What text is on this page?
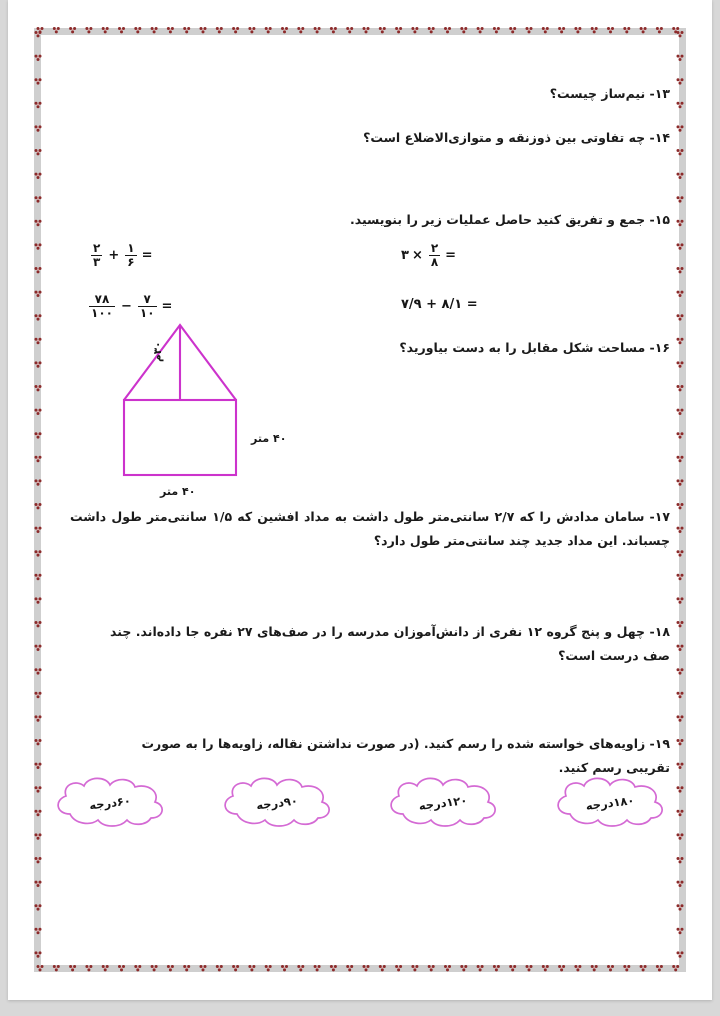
۱۳- نیم‌ساز چیست؟
۱۴- چه تفاوتی بین ذوزنقه و متوازی‌الاضلاع است؟
۱۵- جمع و تفریق کنید حاصل عملیات زیر را بنویسید.
۱۶- مساحت شکل مقابل را به دست بیاورید؟
۱۷- سامان مدادش را که ۲/۷ سانتی‌متر طول داشت به مداد افشین که ۱/۵ سانتی‌متر طول داشت چسباند. این مداد جدید چند سانتی‌متر طول دارد؟
۱۸- چهل و پنج گروه ۱۲ نفری از دانش‌آموزان مدرسه را در صف‌های ۲۷ نفره جا داده‌اند. چند صف درست است؟
۱۹- زاویه‌های خواسته شده را رسم کنید. (در صورت نداشتن نقاله، زاویه‌ها را به صورت تقریبی رسم کنید.
۳ × $\frac{۲}{۸}$ =
۷/۹ + ۸/۱ =
$\frac{۲}{۳} + \frac{۱}{۶}$ =
$\frac{۷۸}{۱۰۰} - \frac{۷}{۱۰}$ =
۴۰ متر
۴۰ متر
۳۰م
۱۸۰درجه
۱۲۰درجه
۹۰درجه
۶۰درجه
